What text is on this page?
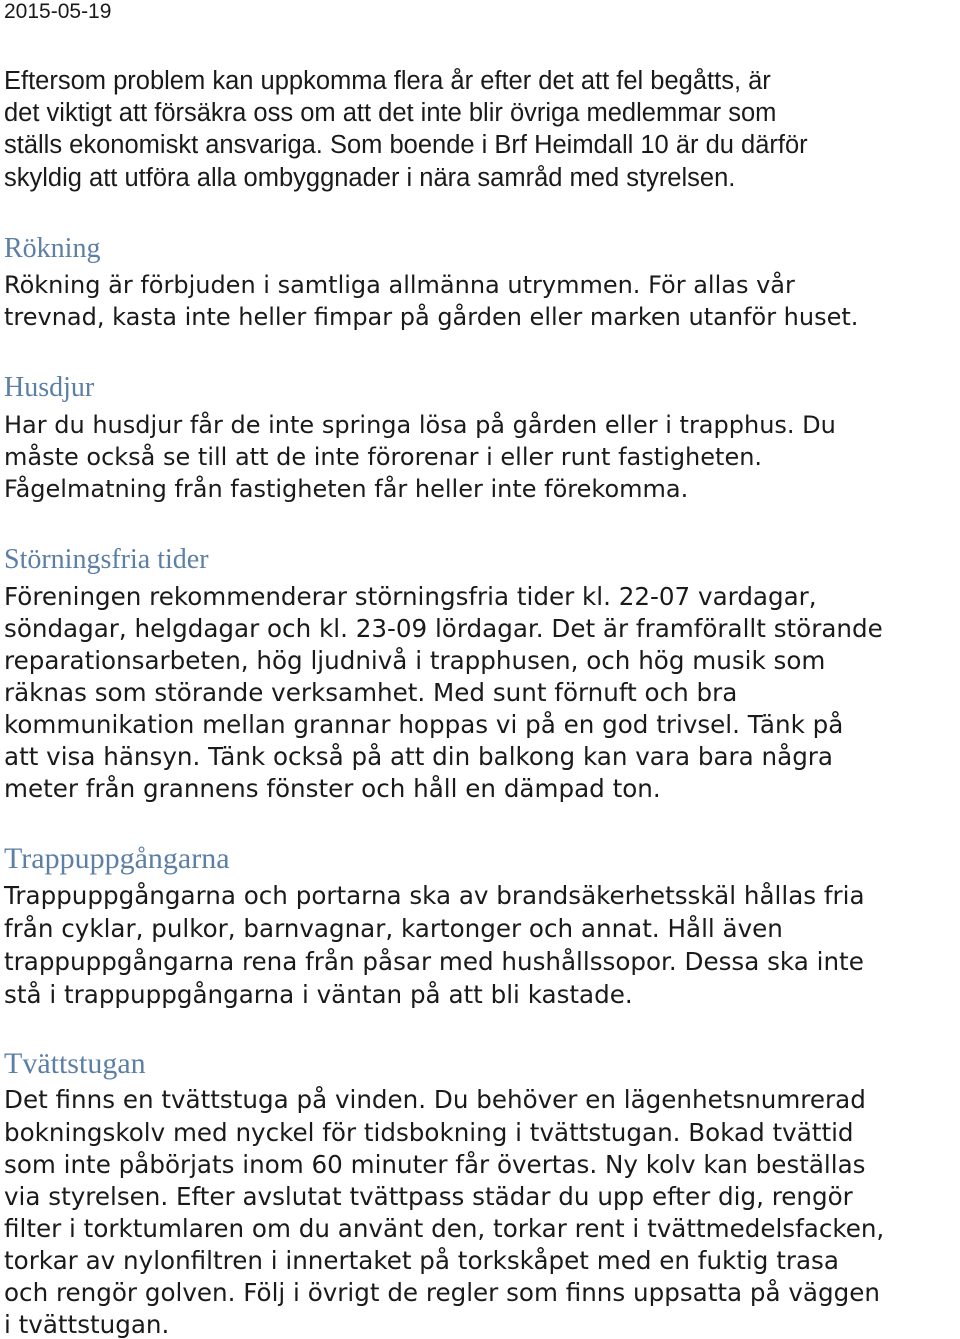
2015-05-19
Eftersom problem kan uppkomma flera år efter det att fel begåtts, är
det viktigt att försäkra oss om att det inte blir övriga medlemmar som
ställs ekonomiskt ansvariga. Som boende i Brf Heimdall 10 är du därför
skyldig att utföra alla ombyggnader i nära samråd med styrelsen.
Rökning
Rökning är förbjuden i samtliga allmänna utrymmen. För allas vår
trevnad, kasta inte heller fimpar på gården eller marken utanför huset.
Husdjur
Har du husdjur får de inte springa lösa på gården eller i trapphus. Du
måste också se till att de inte förorenar i eller runt fastigheten.
Fågelmatning från fastigheten får heller inte förekomma.
Störningsfria tider
Föreningen rekommenderar störningsfria tider kl. 22-07 vardagar,
söndagar, helgdagar och kl. 23-09 lördagar. Det är framförallt störande
reparationsarbeten, hög ljudnivå i trapphusen, och hög musik som
räknas som störande verksamhet. Med sunt förnuft och bra
kommunikation mellan grannar hoppas vi på en god trivsel. Tänk på
att visa hänsyn. Tänk också på att din balkong kan vara bara några
meter från grannens fönster och håll en dämpad ton.
Trappuppgångarna
Trappuppgångarna och portarna ska av brandsäkerhetsskäl hållas fria
från cyklar, pulkor, barnvagnar, kartonger och annat. Håll även
trappuppgångarna rena från påsar med hushållssopor. Dessa ska inte
stå i trappuppgångarna i väntan på att bli kastade.
Tvättstugan
Det finns en tvättstuga på vinden. Du behöver en lägenhetsnumrerad
bokningskolv med nyckel för tidsbokning i tvättstugan. Bokad tvättid
som inte påbörjats inom 60 minuter får övertas. Ny kolv kan beställas
via styrelsen. Efter avslutat tvättpass städar du upp efter dig, rengör
filter i torktumlaren om du använt den, torkar rent i tvättmedelsfacken,
torkar av nylonfiltren i innertaket på torkskåpet med en fuktig trasa
och rengör golven. Följ i övrigt de regler som finns uppsatta på väggen
i tvättstugan.
